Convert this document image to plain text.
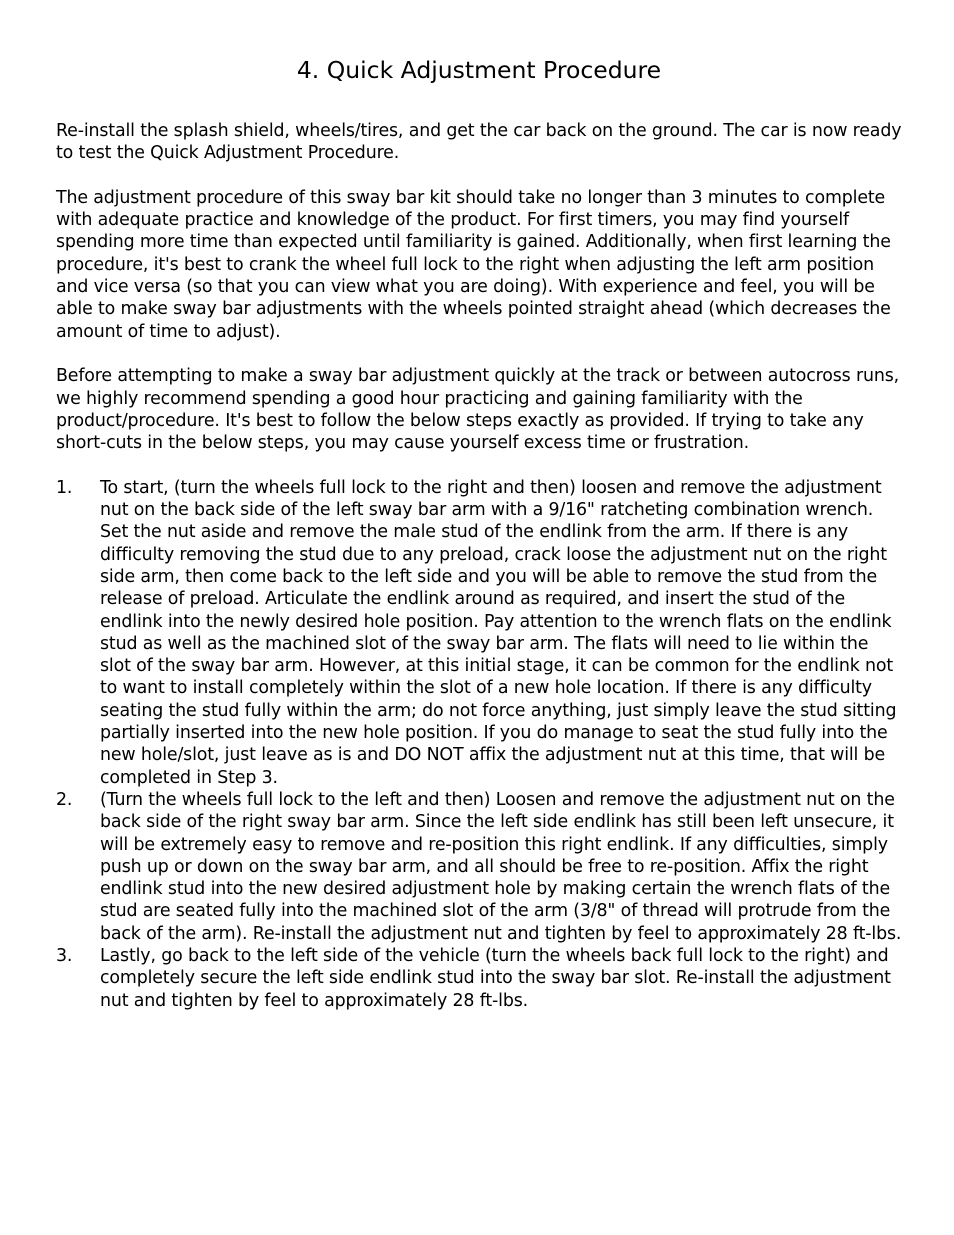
4. Quick Adjustment Procedure

Re-install the splash shield, wheels/tires, and get the car back on the ground. The car is now ready to test the Quick Adjustment Procedure.

The adjustment procedure of this sway bar kit should take no longer than 3 minutes to complete with adequate practice and knowledge of the product. For first timers, you may find yourself spending more time than expected until familiarity is gained. Additionally, when first learning the procedure, it's best to crank the wheel full lock to the right when adjusting the left arm position and vice versa (so that you can view what you are doing). With experience and feel, you will be able to make sway bar adjustments with the wheels pointed straight ahead (which decreases the amount of time to adjust).

Before attempting to make a sway bar adjustment quickly at the track or between autocross runs, we highly recommend spending a good hour practicing and gaining familiarity with the product/procedure. It's best to follow the below steps exactly as provided. If trying to take any short-cuts in the below steps, you may cause yourself excess time or frustration.

1. To start, (turn the wheels full lock to the right and then) loosen and remove the adjustment nut on the back side of the left sway bar arm with a 9/16" ratcheting combination wrench. Set the nut aside and remove the male stud of the endlink from the arm. If there is any difficulty removing the stud due to any preload, crack loose the adjustment nut on the right side arm, then come back to the left side and you will be able to remove the stud from the release of preload. Articulate the endlink around as required, and insert the stud of the endlink into the newly desired hole position. Pay attention to the wrench flats on the endlink stud as well as the machined slot of the sway bar arm. The flats will need to lie within the slot of the sway bar arm. However, at this initial stage, it can be common for the endlink not to want to install completely within the slot of a new hole location. If there is any difficulty seating the stud fully within the arm; do not force anything, just simply leave the stud sitting partially inserted into the new hole position. If you do manage to seat the stud fully into the new hole/slot, just leave as is and DO NOT affix the adjustment nut at this time, that will be completed in Step 3.
2. (Turn the wheels full lock to the left and then) Loosen and remove the adjustment nut on the back side of the right sway bar arm. Since the left side endlink has still been left unsecure, it will be extremely easy to remove and re-position this right endlink. If any difficulties, simply push up or down on the sway bar arm, and all should be free to re-position. Affix the right endlink stud into the new desired adjustment hole by making certain the wrench flats of the stud are seated fully into the machined slot of the arm (3/8" of thread will protrude from the back of the arm). Re-install the adjustment nut and tighten by feel to approximately 28 ft-lbs.
3. Lastly, go back to the left side of the vehicle (turn the wheels back full lock to the right) and completely secure the left side endlink stud into the sway bar slot. Re-install the adjustment nut and tighten by feel to approximately 28 ft-lbs.
